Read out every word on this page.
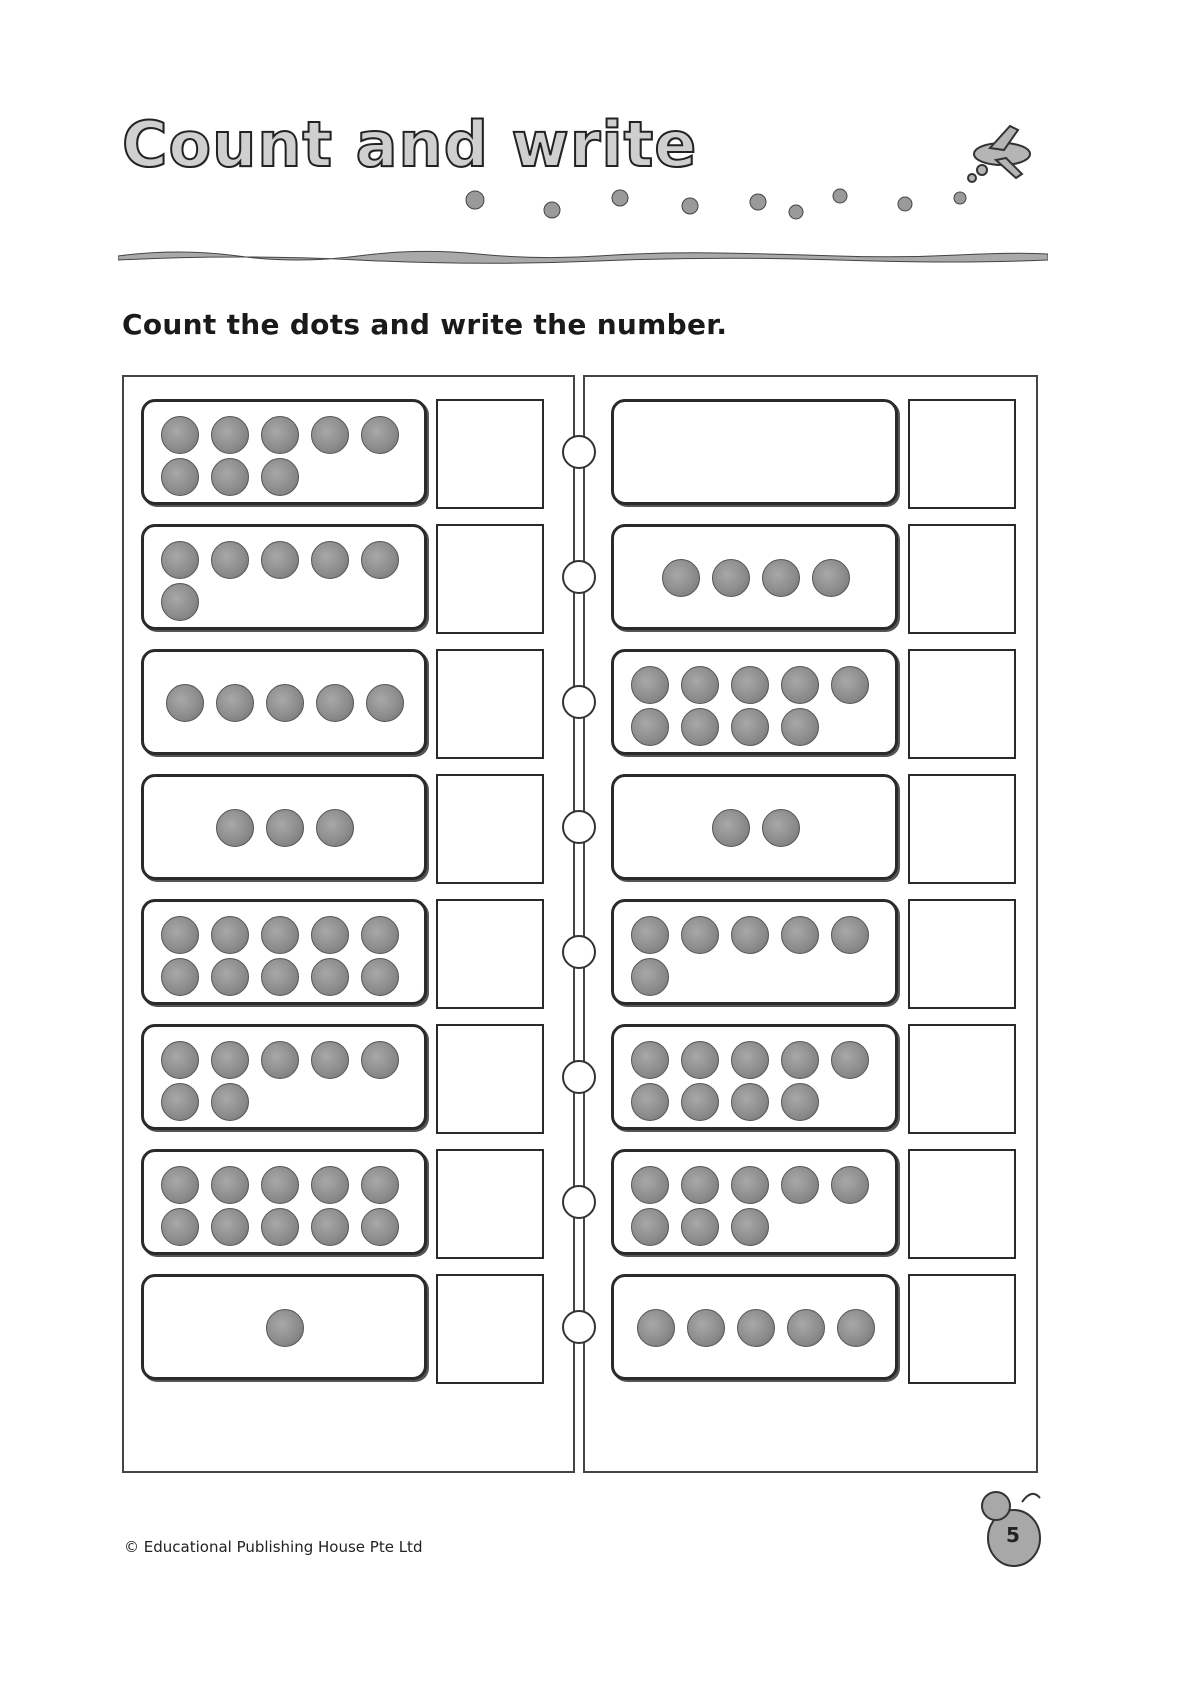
Count and write
Count the dots and write the number.
© Educational Publishing House Pte Ltd	5
